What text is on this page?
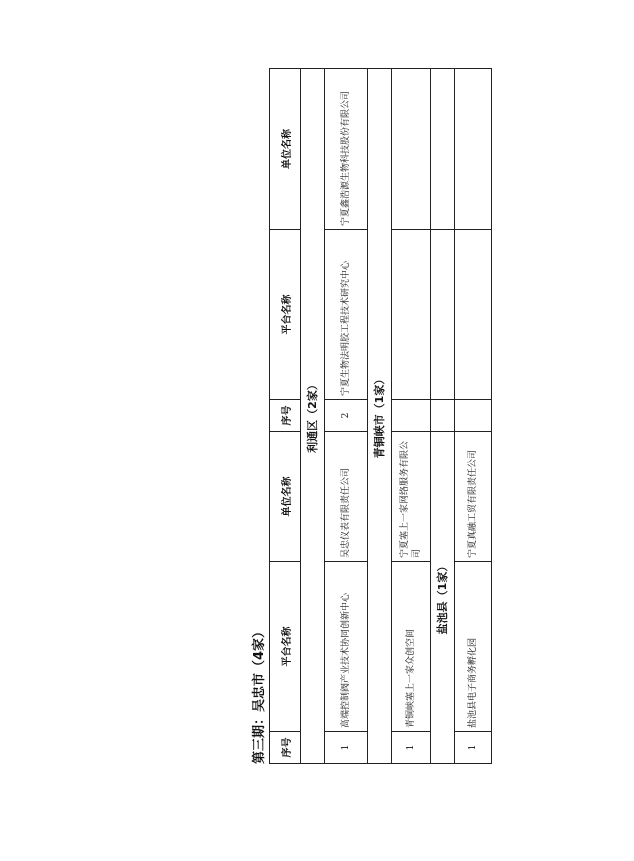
第三期：吴忠市（4家） 序号	平台名称	单位名称	序号	平台名称	单位名称
利通区（2家）					
1	高端控制阀产业技术协同创新中心	吴忠仪表有限责任公司	2	宁夏生物法明胶工程技术研究中心	宁夏鑫浩源生物科技股份有限公司
青铜峡市（1家）					
1	青铜峡塞上一家众创空间	宁夏塞上一家网络服务有限公司			
盐池县（1家）					
1	盐池县电子商务孵化园	宁夏真融工贸有限责任公司			
